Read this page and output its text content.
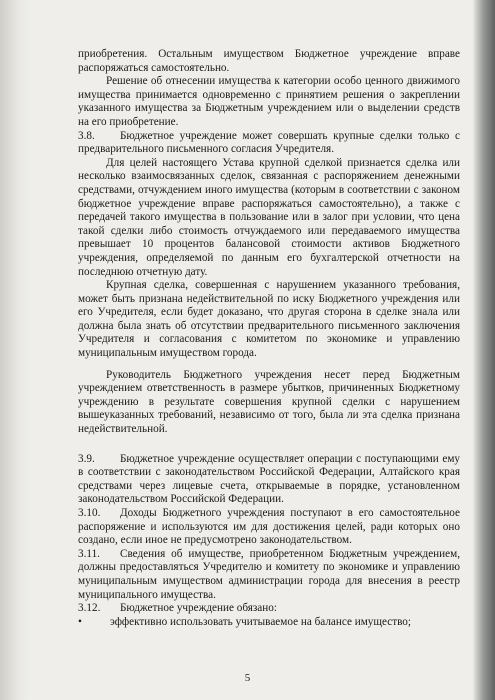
приобретения. Остальным имуществом Бюджетное учреждение вправе распоряжаться самостоятельно.

Решение об отнесении имущества к категории особо ценного движимого имущества принимается одновременно с принятием решения о закреплении указанного имущества за Бюджетным учреждением или о выделении средств на его приобретение.

3.8. Бюджетное учреждение может совершать крупные сделки только с предварительного письменного согласия Учредителя.

Для целей настоящего Устава крупной сделкой признается сделка или несколько взаимосвязанных сделок, связанная с распоряжением денежными средствами, отчуждением иного имущества (которым в соответствии с законом бюджетное учреждение вправе распоряжаться самостоятельно), а также с передачей такого имущества в пользование или в залог при условии, что цена такой сделки либо стоимость отчуждаемого или передаваемого имущества превышает 10 процентов балансовой стоимости активов Бюджетного учреждения, определяемой по данным его бухгалтерской отчетности на последнюю отчетную дату.

Крупная сделка, совершенная с нарушением указанного требования, может быть признана недействительной по иску Бюджетного учреждения или его Учредителя, если будет доказано, что другая сторона в сделке знала или должна была знать об отсутствии предварительного письменного заключения Учредителя и согласования с комитетом по экономике и управлению муниципальным имуществом города.

Руководитель Бюджетного учреждения несет перед Бюджетным учреждением ответственность в размере убытков, причиненных Бюджетному учреждению в результате совершения крупной сделки с нарушением вышеуказанных требований, независимо от того, была ли эта сделка признана недействительной.

3.9. Бюджетное учреждение осуществляет операции с поступающими ему в соответствии с законодательством Российской Федерации, Алтайского края средствами через лицевые счета, открываемые в порядке, установленном законодательством Российской Федерации.

3.10. Доходы Бюджетного учреждения поступают в его самостоятельное распоряжение и используются им для достижения целей, ради которых оно создано, если иное не предусмотрено законодательством.

3.11. Сведения об имуществе, приобретенном Бюджетным учреждением, должны предоставляться Учредителю и комитету по экономике и управлению муниципальным имуществом администрации города для внесения в реестр муниципального имущества.

3.12. Бюджетное учреждение обязано:

•	эффективно использовать учитываемое на балансе имущество;

5
